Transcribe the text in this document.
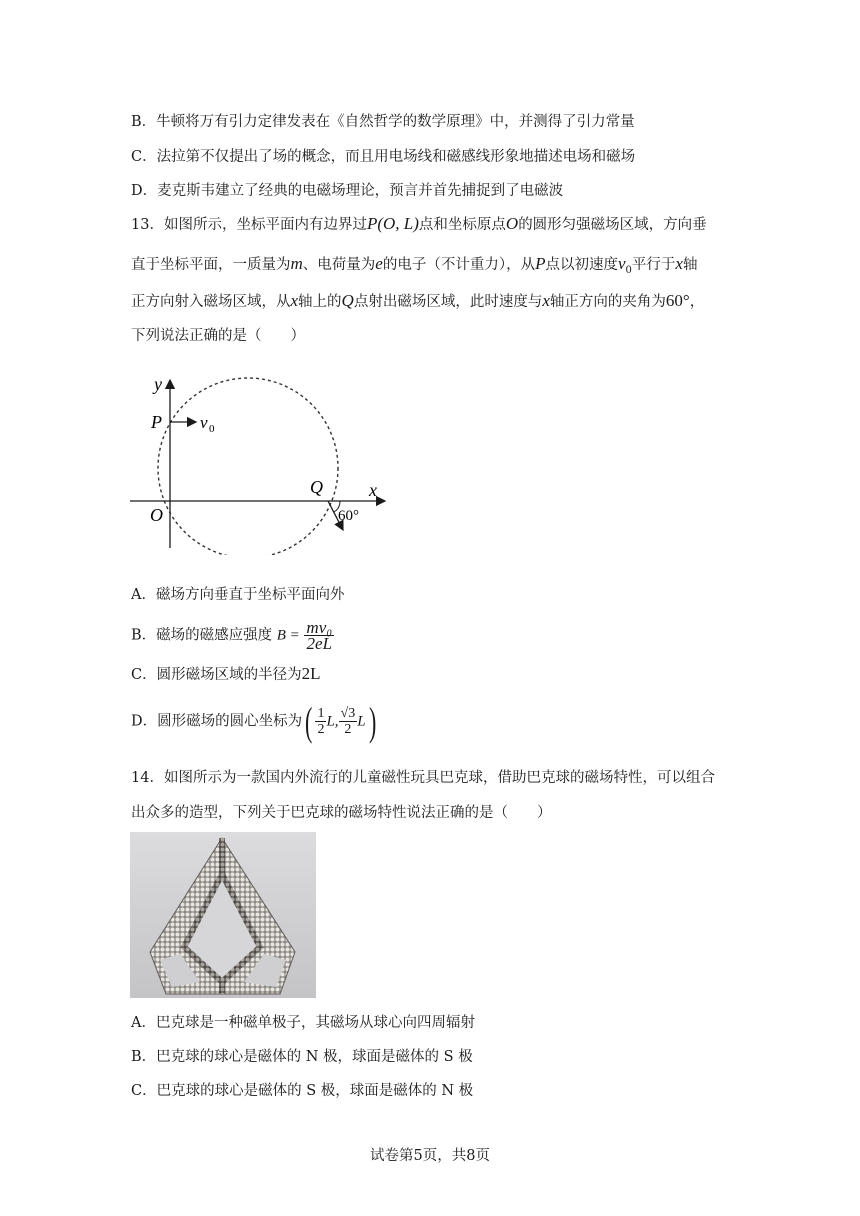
B．牛顿将万有引力定律发表在《自然哲学的数学原理》中，并测得了引力常量
C．法拉第不仅提出了场的概念，而且用电场线和磁感线形象地描述电场和磁场
D．麦克斯韦建立了经典的电磁场理论，预言并首先捕捉到了电磁波
13．如图所示，坐标平面内有边界过P(O, L)点和坐标原点O的圆形匀强磁场区域，方向垂
直于坐标平面，一质量为m、电荷量为e的电子（不计重力），从P点以初速度$v_0$平行于x轴
正方向射入磁场区域，从x轴上的Q点射出磁场区域，此时速度与x轴正方向的夹角为60°，
下列说法正确的是（　　）
y
P v 0
Q	x
O	60°
A．磁场方向垂直于坐标平面向外
B．磁场的磁感应强度 $B = \frac{\text{mv₀}}{2eL}$
C．圆形磁场区域的半径为2L
D．圆形磁场的圆心坐标为( $\frac{1}{2} L$, $\frac{√3}{2} L$)
14．如图所示为一款国内外流行的儿童磁性玩具巴克球，借助巴克球的磁场特性，可以组合
出众多的造型，下列关于巴克球的磁场特性说法正确的是（　　）
A．巴克球是一种磁单极子，其磁场从球心向四周辐射
B．巴克球的球心是磁体的 N 极，球面是磁体的 S 极
C．巴克球的球心是磁体的 S 极，球面是磁体的 N 极
试卷第5页，共8页
